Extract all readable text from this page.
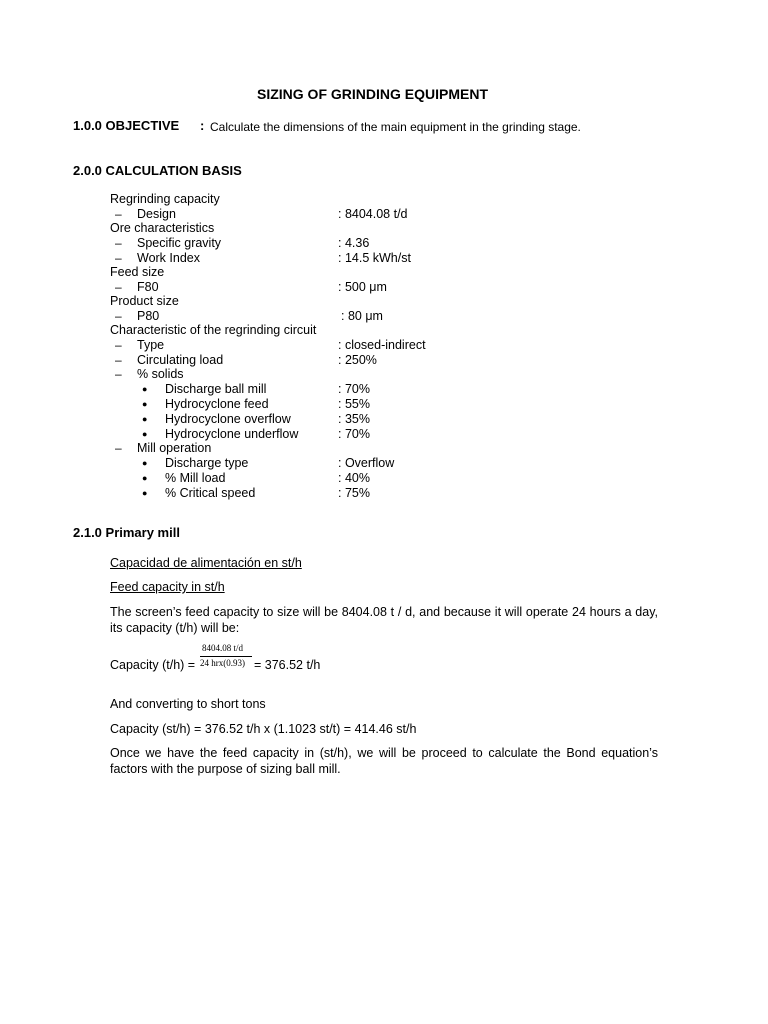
SIZING OF GRINDING EQUIPMENT
1.0.0 OBJECTIVE : Calculate the dimensions of the main equipment in the grinding stage.
2.0.0 CALCULATION BASIS
Regrinding capacity
– Design	: 8404.08 t/d
Ore characteristics
– Specific gravity	: 4.36
– Work Index	: 14.5 kWh/st
Feed size
– F80	: 500 μm
Product size
– P80	: 80 μm
Characteristic of the regrinding circuit
– Type	: closed-indirect
– Circulating load	: 250%
– % solids
● Discharge ball mill	: 70%
● Hydrocyclone feed	: 55%
● Hydrocyclone overflow	: 35%
● Hydrocyclone underflow	: 70%
– Mill operation
● Discharge type	: Overflow
● % Mill load	: 40%
● % Critical speed	: 75%
2.1.0 Primary mill
Capacidad de alimentación en st/h
Feed capacity in st/h
The screen’s feed capacity to size will be 8404.08 t / d, and because it will operate 24 hours a day, its capacity (t/h) will be:
8404.08 t/d
Capacity (t/h) = 24 hrx(0.93) = 376.52 t/h
And converting to short tons
Capacity (st/h) = 376.52 t/h x (1.1023 st/t) = 414.46 st/h
Once we have the feed capacity in (st/h), we will be proceed to calculate the Bond equation’s factors with the purpose of sizing ball mill.
